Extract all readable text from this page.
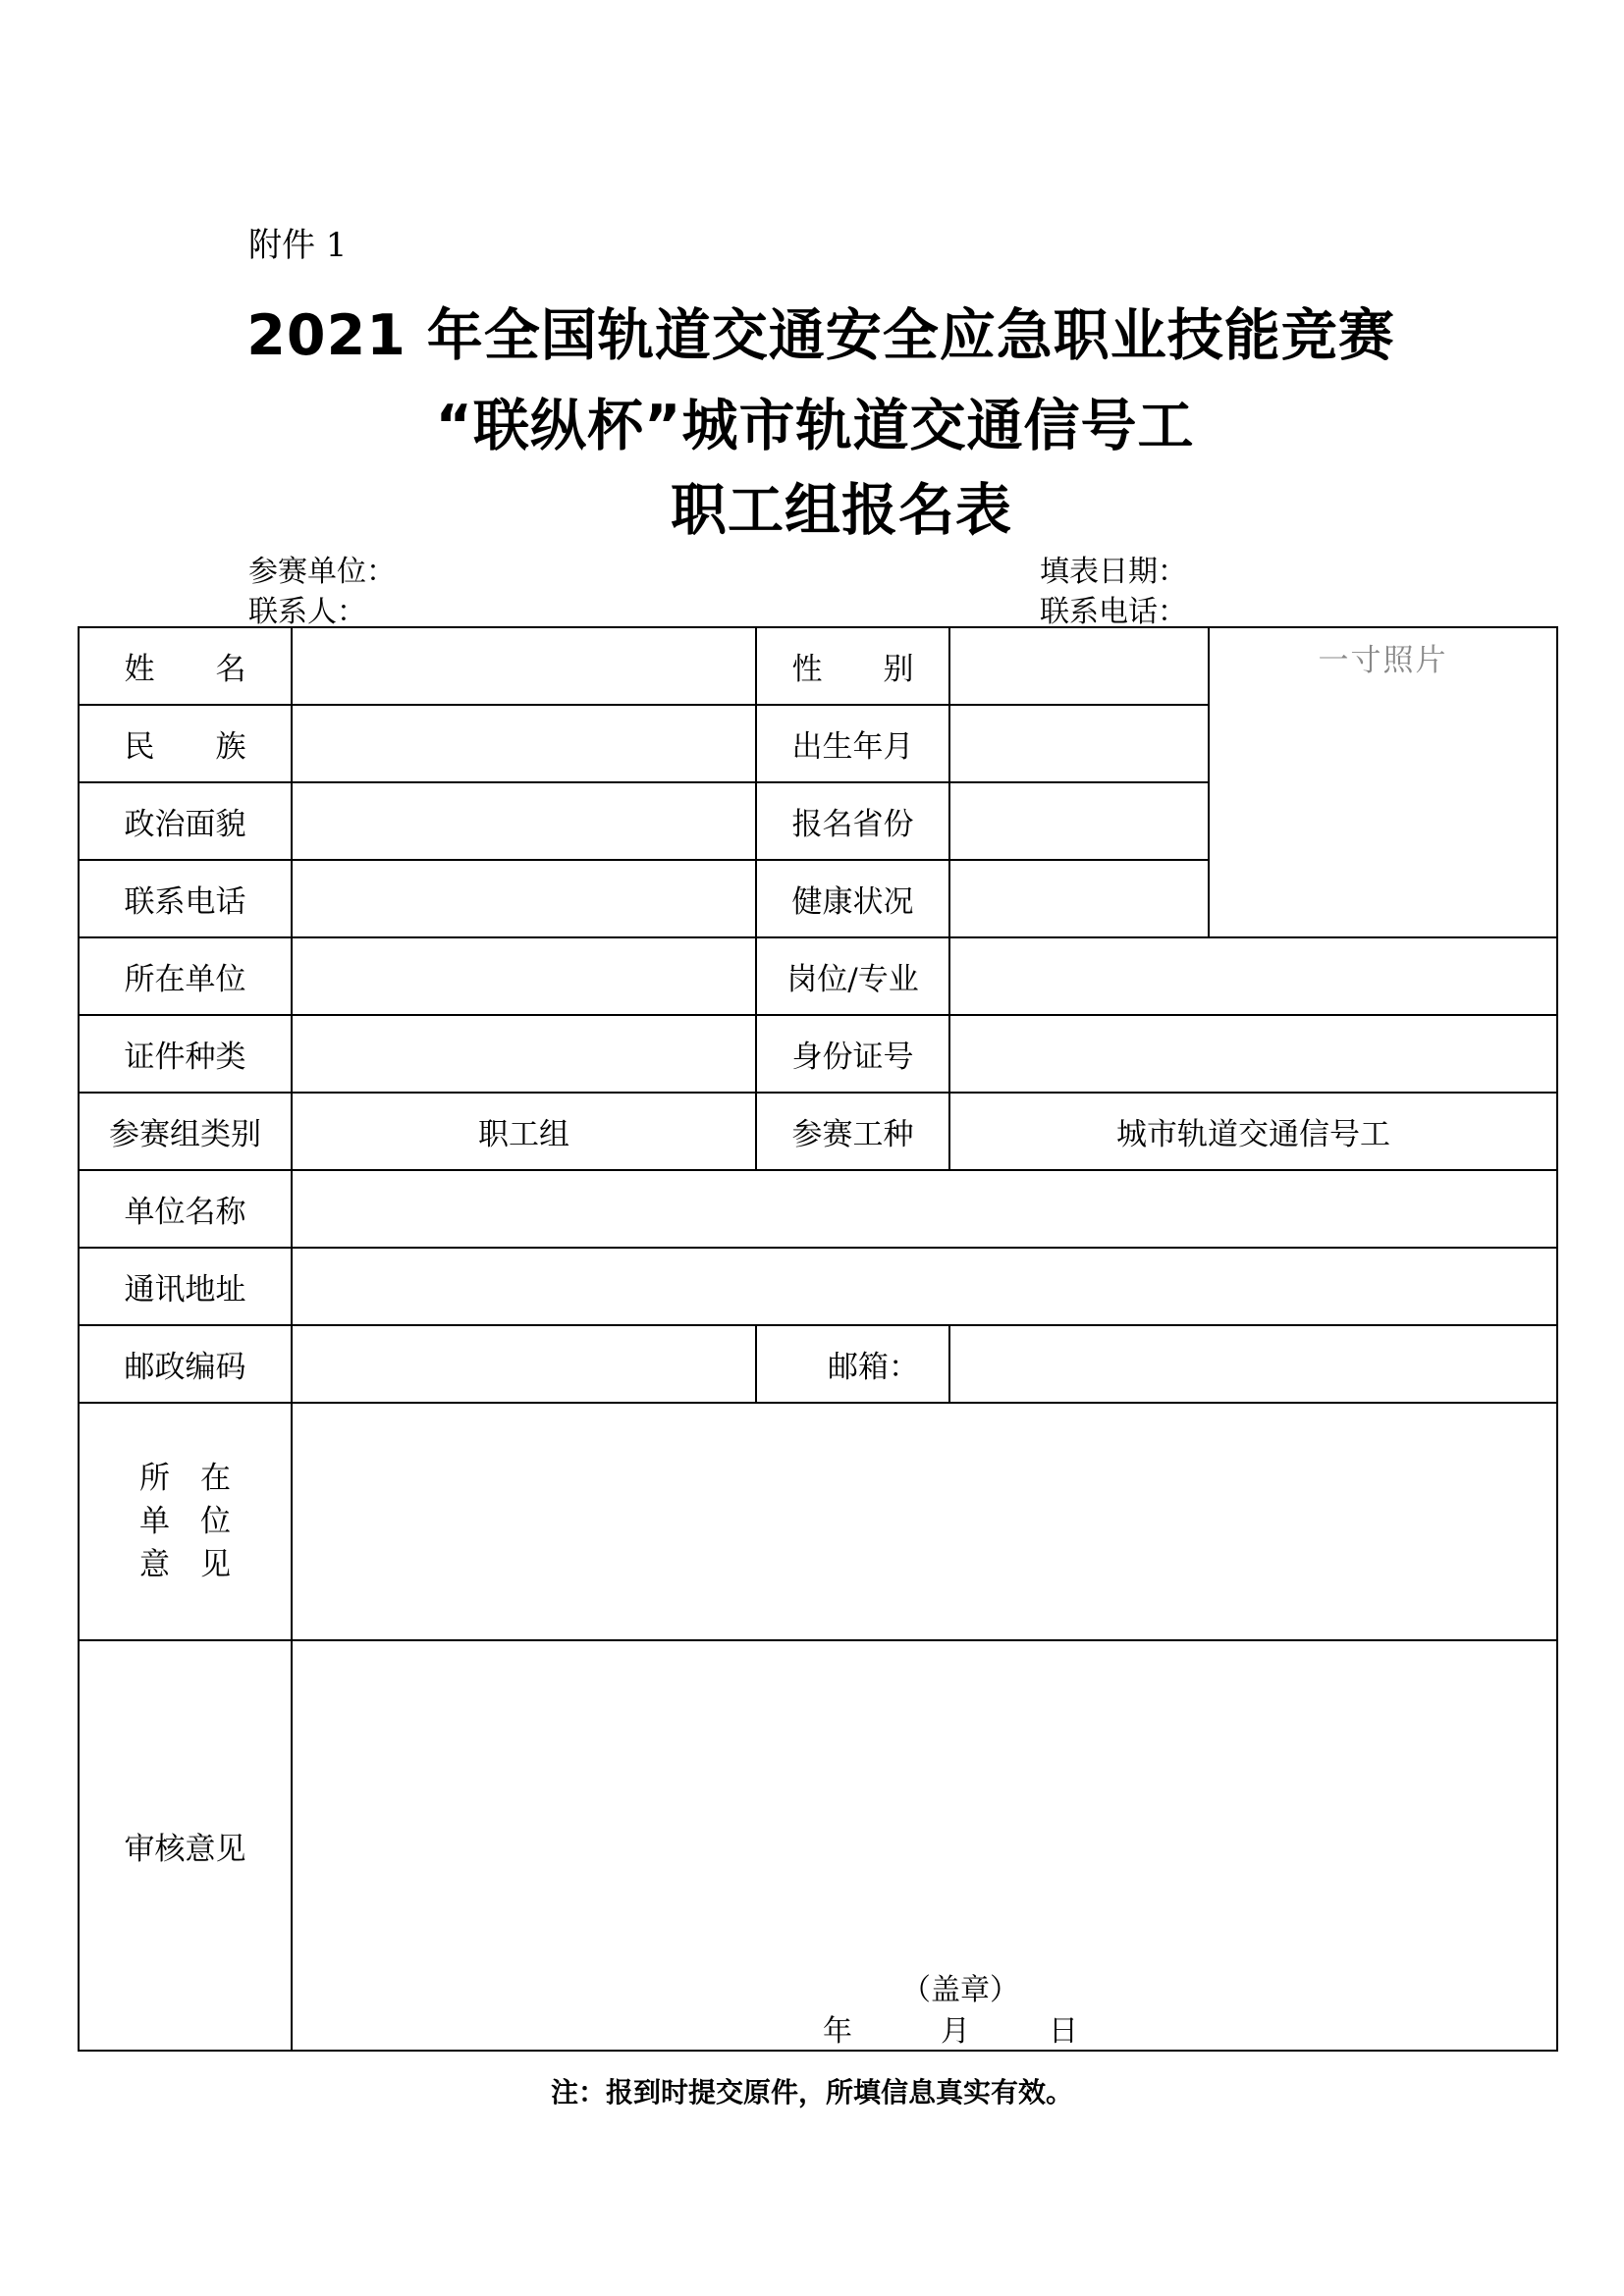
附件 1
2021 年全国轨道交通安全应急职业技能竞赛
“联纵杯”城市轨道交通信号工
职工组报名表
参赛单位：	填表日期：
联系人：	联系电话：
姓　　名		性　　别		一寸照片

民　　族		出生年月		
政治面貌		报名省份		
联系电话		健康状况		
所在单位		岗位/专业		
证件种类		身份证号		
参赛组类别	职工组	参赛工种	城市轨道交通信号工	
单位名称				
通讯地址				
邮政编码		邮箱：		

所　在
单　位
意　见				

审核意见	（盖章）
年 月 日			
注：报到时提交原件，所填信息真实有效。
